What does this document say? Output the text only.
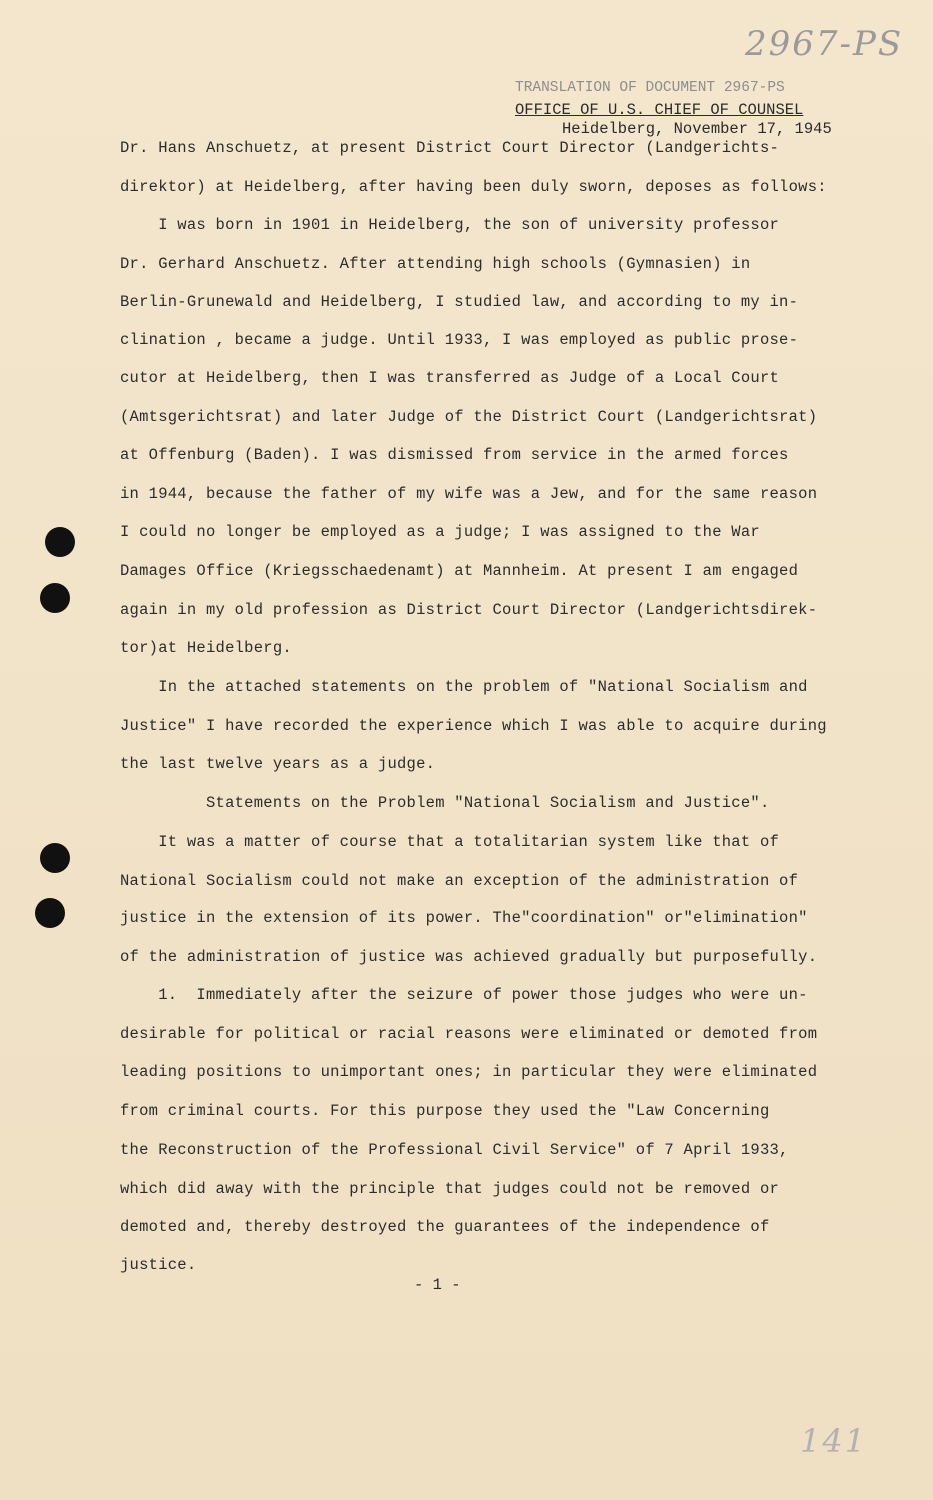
2967-PS
141
TRANSLATION OF DOCUMENT 2967-PS
OFFICE OF U.S. CHIEF OF COUNSEL
Heidelberg, November 17, 1945
Dr. Hans Anschuetz, at present District Court Director (Landgerichts-
direktor) at Heidelberg, after having been duly sworn, deposes as follows:
I was born in 1901 in Heidelberg, the son of university professor
Dr. Gerhard Anschuetz. After attending high schools (Gymnasien) in
Berlin-Grunewald and Heidelberg, I studied law, and according to my in-
clination , became a judge. Until 1933, I was employed as public prose-
cutor at Heidelberg, then I was transferred as Judge of a Local Court
(Amtsgerichtsrat) and later Judge of the District Court (Landgerichtsrat)
at Offenburg (Baden). I was dismissed from service in the armed forces
in 1944, because the father of my wife was a Jew, and for the same reason
I could no longer be employed as a judge; I was assigned to the War
Damages Office (Kriegsschaedenamt) at Mannheim. At present I am engaged
again in my old profession as District Court Director (Landgerichtsdirek-
tor)at Heidelberg.
In the attached statements on the problem of "National Socialism and
Justice" I have recorded the experience which I was able to acquire during
the last twelve years as a judge.
Statements on the Problem "National Socialism and Justice".
It was a matter of course that a totalitarian system like that of
National Socialism could not make an exception of the administration of
justice in the extension of its power. The"coordination" or"elimination"
of the administration of justice was achieved gradually but purposefully.
1.  Immediately after the seizure of power those judges who were un-
desirable for political or racial reasons were eliminated or demoted from
leading positions to unimportant ones; in particular they were eliminated
from criminal courts. For this purpose they used the "Law Concerning
the Reconstruction of the Professional Civil Service" of 7 April 1933,
which did away with the principle that judges could not be removed or
demoted and, thereby destroyed the guarantees of the independence of
justice.
- 1 -
